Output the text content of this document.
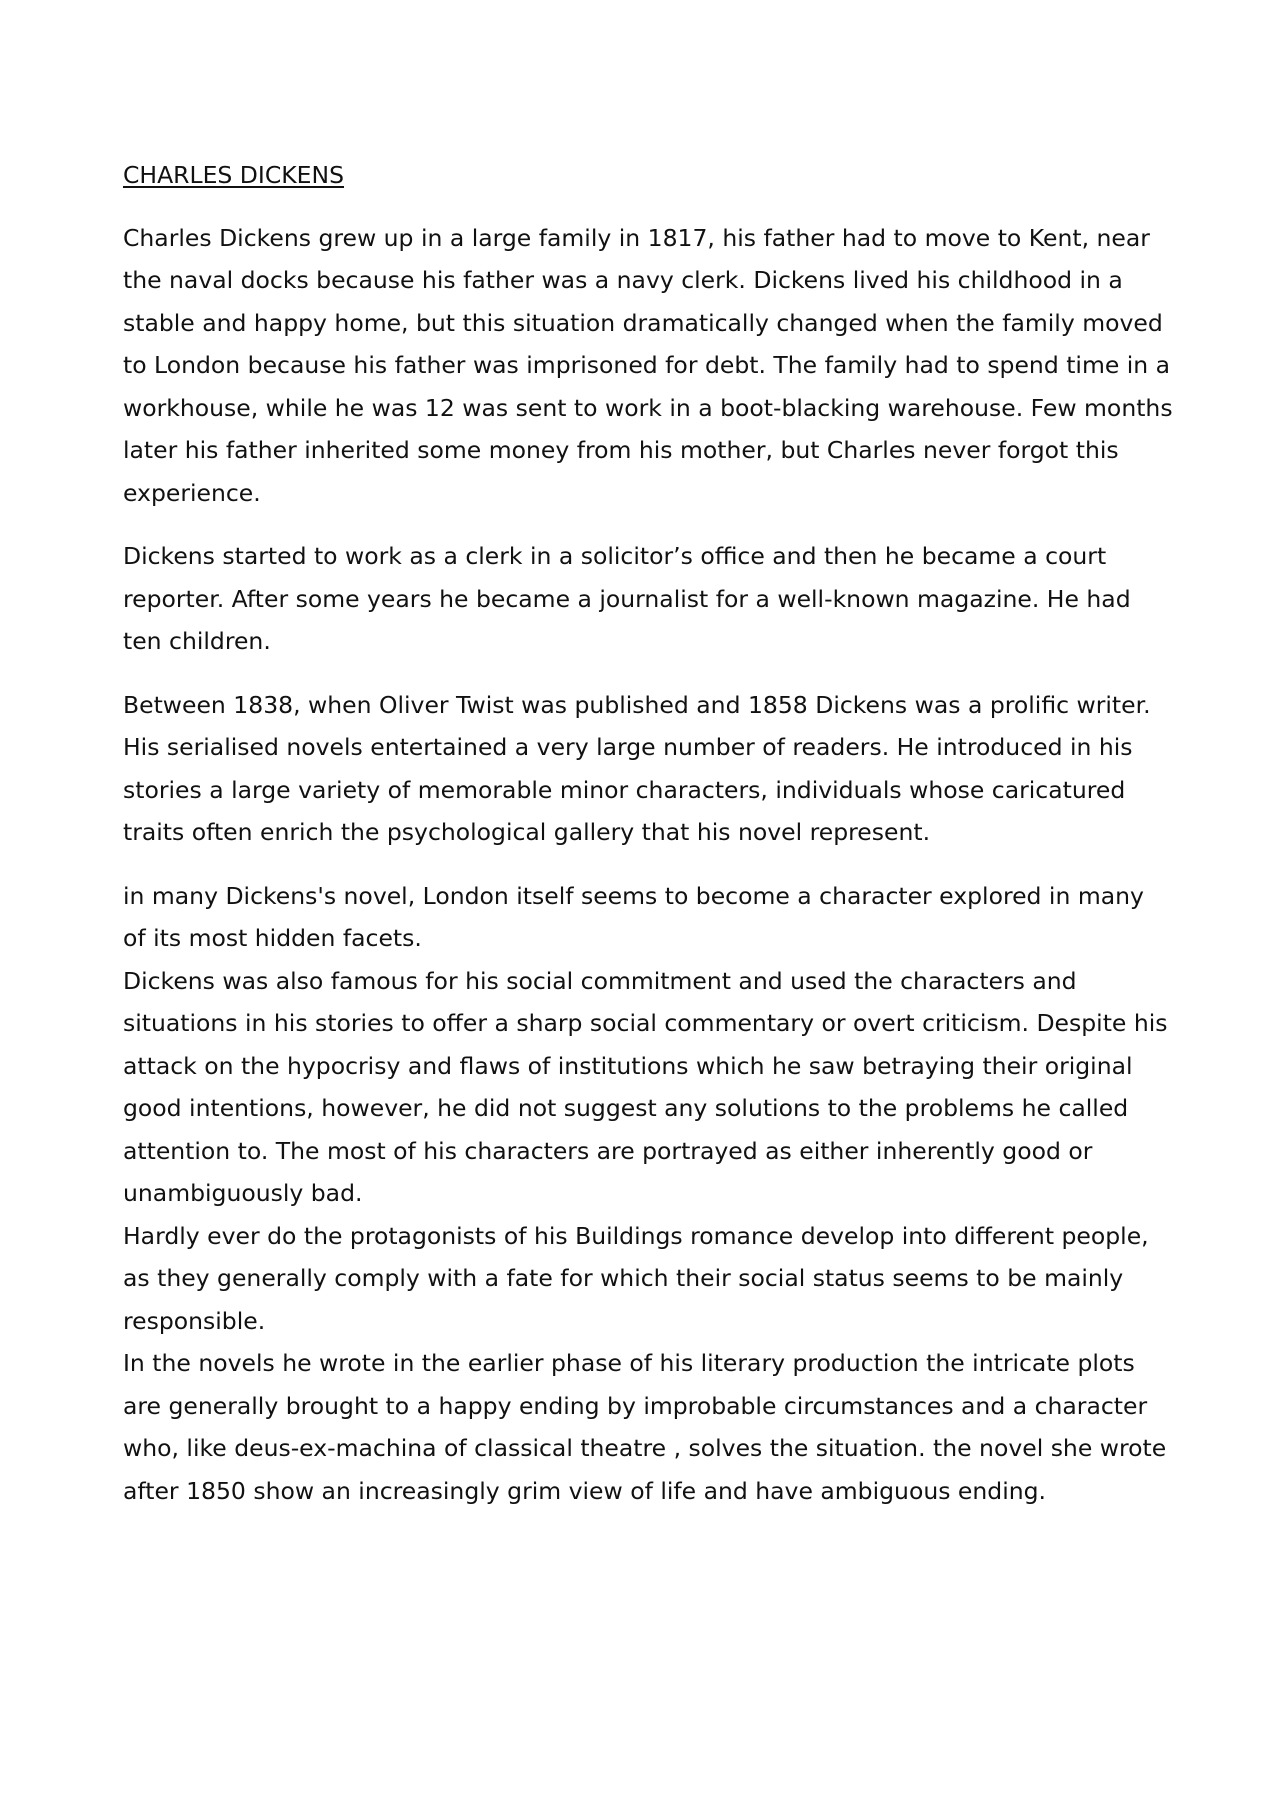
CHARLES DICKENS

Charles Dickens grew up in a large family in 1817, his father had to move to Kent, near the naval docks because his father was a navy clerk. Dickens lived his childhood in a stable and happy home, but this situation dramatically changed when the family moved to London because his father was imprisoned for debt. The family had to spend time in a workhouse, while he was 12 was sent to work in a boot-blacking warehouse. Few months later his father inherited some money from his mother, but Charles never forgot this experience.

Dickens started to work as a clerk in a solicitor’s office and then he became a court reporter. After some years he became a journalist for a well-known magazine. He had ten children.

Between 1838, when Oliver Twist was published and 1858 Dickens was a prolific writer. His serialised novels entertained a very large number of readers. He introduced in his stories a large variety of memorable minor characters, individuals whose caricatured traits often enrich the psychological gallery that his novel represent.

in many Dickens's novel, London itself seems to become a character explored in many of its most hidden facets.

Dickens was also famous for his social commitment and used the characters and situations in his stories to offer a sharp social commentary or overt criticism. Despite his attack on the hypocrisy and flaws of institutions which he saw betraying their original good intentions, however, he did not suggest any solutions to the problems he called attention to. The most of his characters are portrayed as either inherently good or unambiguously bad.

Hardly ever do the protagonists of his Buildings romance develop into different people, as they generally comply with a fate for which their social status seems to be mainly responsible.

In the novels he wrote in the earlier phase of his literary production the intricate plots are generally brought to a happy ending by improbable circumstances and a character who, like deus-ex-machina of classical theatre , solves the situation. the novel she wrote after 1850 show an increasingly grim view of life and have ambiguous ending.
